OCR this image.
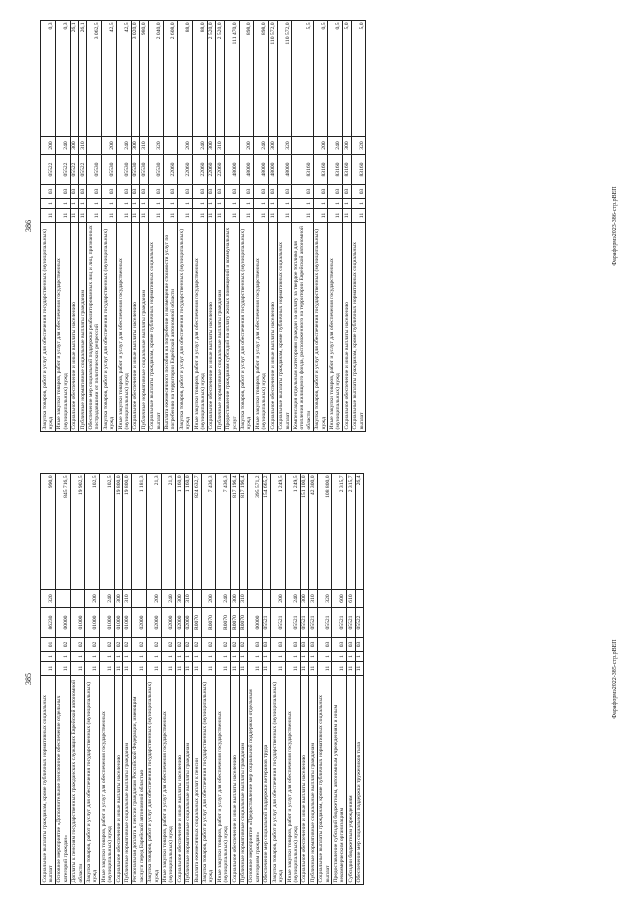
385
Социальные выплаты гражданам, кроме публичных нормативных социальных выплат	11	1	01	86230	320	990,0
Основное мероприятие «Дополнительное пенсионное обеспечение отдельных категорий граждан»	11	1	02	00000		845 716,5
Доплаты к пенсиям государственных гражданских служащих Еврейской автономной области	11	1	02	01000		19 902,5
Закупка товаров, работ и услуг для обеспечения государственных (муниципальных) нужд	11	1	02	01000	200	102,5
Иные закупки товаров, работ и услуг для обеспечения государственных (муниципальных) нужд	11	1	02	01000	240	102,5
Социальное обеспечение и иные выплаты населению	11	1	02	01000	300	19 800,0
Публичные нормативные социальные выплаты гражданам	11	1	02	01000	310	19 800,0
Региональная доплата к пенсии гражданам Российской Федерации, имеющим заслуги перед Еврейской автономной областью	11	1	02	02000		1 181,3
Закупка товаров, работ и услуг для обеспечения государственных (муниципальных) нужд	11	1	02	02000	200	21,3
Иные закупки товаров, работ и услуг для обеспечения государственных (муниципальных) нужд	11	1	02	02000	240	21,3
Социальное обеспечение и иные выплаты населению	11	1	02	02000	300	1 160,0
Публичные нормативные социальные выплаты гражданам	11	1	02	02000	310	1 160,0
Выплата ежемесячных социальных доплат к пенсии	11	1	02	R0070		824 632,7
Закупка товаров, работ и услуг для обеспечения государственных (муниципальных) нужд	11	1	02	R0070	200	7 436,3
Иные закупки товаров, работ и услуг для обеспечения государственных (муниципальных) нужд	11	1	02	R0070	240	7 436,3
Социальное обеспечение и иные выплаты населению	11	1	02	R0070	300	817 196,4
Публичные нормативные социальные выплаты гражданам	11	1	02	R0070	310	817 196,4
Основное мероприятие «Предоставление мер социальной поддержки отдельным категориям граждан»	11	1	03	00000		395 571,2
Обеспечение мер социальной поддержки ветеранов труда	11	1	03	05521		154 665,2
Закупка товаров, работ и услуг для обеспечения государственных (муниципальных) нужд	11	1	03	05521	200	1 249,5
Иные закупки товаров, работ и услуг для обеспечения государственных (муниципальных) нужд	11	1	03	05521	240	1 249,5
Социальное обеспечение и иные выплаты населению	11	1	03	05521	300	151 100,0
Публичные нормативные социальные выплаты гражданам	11	1	03	05521	310	42 300,0
Социальные выплаты гражданам, кроме публичных нормативных социальных выплат	11	1	03	05521	320	108 800,0
Предоставление субсидий бюджетным, автономным учреждениям и иным некоммерческим организациям	11	1	03	05521	600	2 315,7
Субсидии бюджетным учреждениям	11	1	03	05521	610	2 315,7
Обеспечение мер социальной поддержки тружеников тыла	11	1	03	05522		26,4
Фараформэ2022-385-стр.рВЕП
386
Закупка товаров, работ и услуг для обеспечения государственных (муниципальных) нужд	11	1	03	05522	200	0,3
Иные закупки товаров, работ и услуг для обеспечения государственных (муниципальных) нужд	11	1	03	05522	240	0,3
Социальное обеспечение и иные выплаты населению	11	1	03	05522	300	26,1
Публичные нормативные социальные выплаты гражданам	11	1	03	05522	310	26,1
Обеспечение мер социальной поддержки реабилитированных лиц и лиц, признанных пострадавшими от политических репрессий	11	1	03	05530		3 062,5
Закупка товаров, работ и услуг для обеспечения государственных (муниципальных) нужд	11	1	03	05530	200	42,5
Иные закупки товаров, работ и услуг для обеспечения государственных (муниципальных) нужд	11	1	03	05530	240	42,5
Социальное обеспечение и иные выплаты населению	11	1	03	05530	300	3 020,0
Публичные нормативные социальные выплаты гражданам	11	1	03	05530	310	980,0
Социальные выплаты гражданам, кроме публичных нормативных социальных выплат	11	1	03	05530	320	2 040,0
Выплата ежемесячного пособия на погребение и возмещение стоимости услуг по погребению на территории Еврейской автономной области	11	1	03	22060		2 608,0
Закупка товаров, работ и услуг для обеспечения государственных (муниципальных) нужд	11	1	03	22060	200	88,0
Иные закупки товаров, работ и услуг для обеспечения государственных (муниципальных) нужд	11	1	03	22060	240	88,0
Социальное обеспечение и иные выплаты населению	11	1	03	22060	300	2 520,0
Публичные нормативные социальные выплаты гражданам	11	1	03	22060	310	2 520,0
Предоставление гражданам субсидий на оплату жилых помещений и коммунальных услуг	11	1	03	48000		111 470,0
Закупка товаров, работ и услуг для обеспечения государственных (муниципальных) нужд	11	1	03	48000	200	898,0
Иные закупки товаров, работ и услуг для обеспечения государственных (муниципальных) нужд	11	1	03	48000	240	898,0
Социальное обеспечение и иные выплаты населению	11	1	03	48000	300	110 572,0
Социальные выплаты гражданам, кроме публичных нормативных социальных выплат	11	1	03	48000	320	110 572,0
Компенсация отдельным категориям граждан за оплату за твердое топливо для отопления жилищного фонда, расположенного на территории Еврейской автономной области	11	1	03	83160		5,5
Закупка товаров, работ и услуг для обеспечения государственных (муниципальных) нужд	11	1	03	83160	200	0,5
Иные закупки товаров, работ и услуг для обеспечения государственных (муниципальных) нужд	11	1	03	83160	240	0,5
Социальное обеспечение и иные выплаты населению	11	1	03	83160	300	5,0
Социальные выплаты гражданам, кроме публичных нормативных социальных выплат	11	1	03	83160	320	5,0
Фараформэ2023-386-стр.рВЕП
